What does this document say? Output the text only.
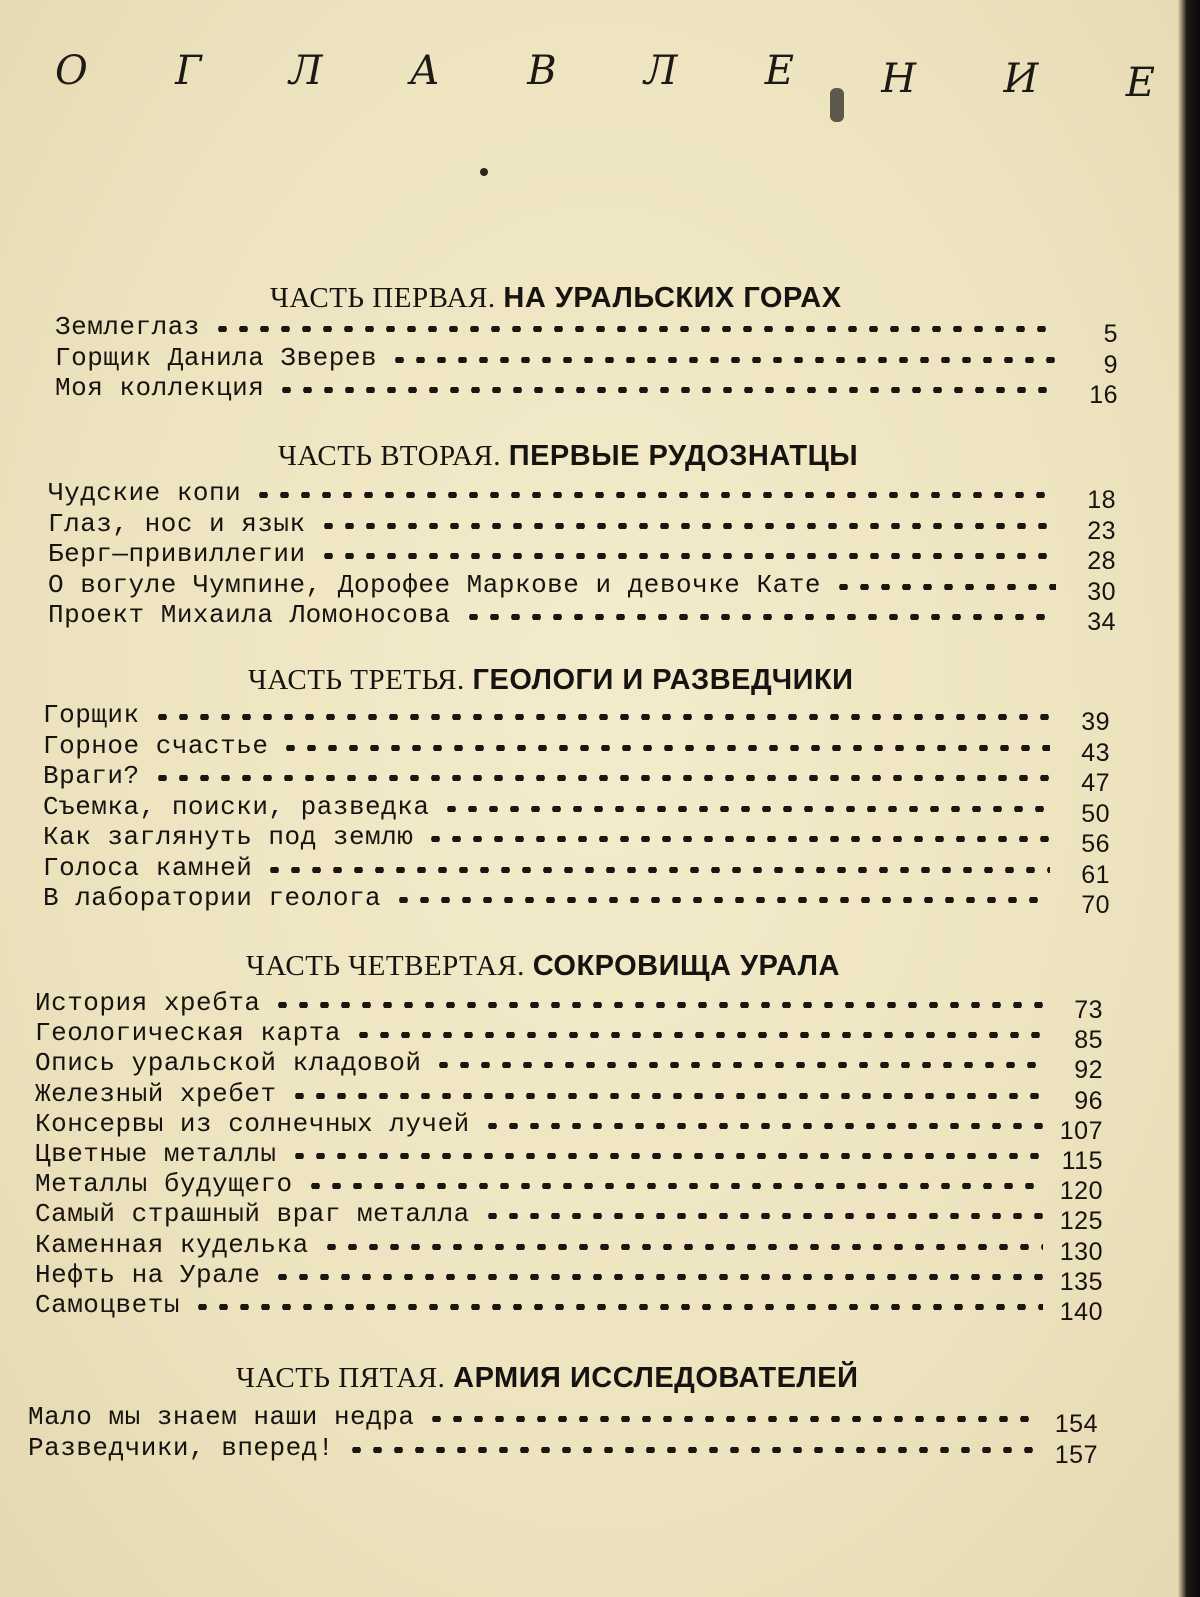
О Г Л А В Л Е Н И Е
ЧАСТЬ ПЕРВАЯ. НА УРАЛЬСКИХ ГОРАХ
Землеглаз	5
Горщик Данила Зверев	9
Моя коллекция	16
ЧАСТЬ ВТОРАЯ. ПЕРВЫЕ РУДОЗНАТЦЫ
Чудские копи	18
Глаз, нос и язык	23
Берг—привиллегии	28
О вогуле Чумпине, Дорофее Маркове и девочке Кате	30
Проект Михаила Ломоносова	34
ЧАСТЬ ТРЕТЬЯ. ГЕОЛОГИ И РАЗВЕДЧИКИ
Горщик	39
Горное счастье	43
Враги?	47
Съемка, поиски, разведка	50
Как заглянуть под землю	56
Голоса камней	61
В лаборатории геолога	70
ЧАСТЬ ЧЕТВЕРТАЯ. СОКРОВИЩА УРАЛА
История хребта	73
Геологическая карта	85
Опись уральской кладовой	92
Железный хребет	96
Консервы из солнечных лучей	107
Цветные металлы	115
Металлы будущего	120
Самый страшный враг металла	125
Каменная куделька	130
Нефть на Урале	135
Самоцветы	140
ЧАСТЬ ПЯТАЯ. АРМИЯ ИССЛЕДОВАТЕЛЕЙ
Мало мы знаем наши недра	154
Разведчики, вперед!	157
